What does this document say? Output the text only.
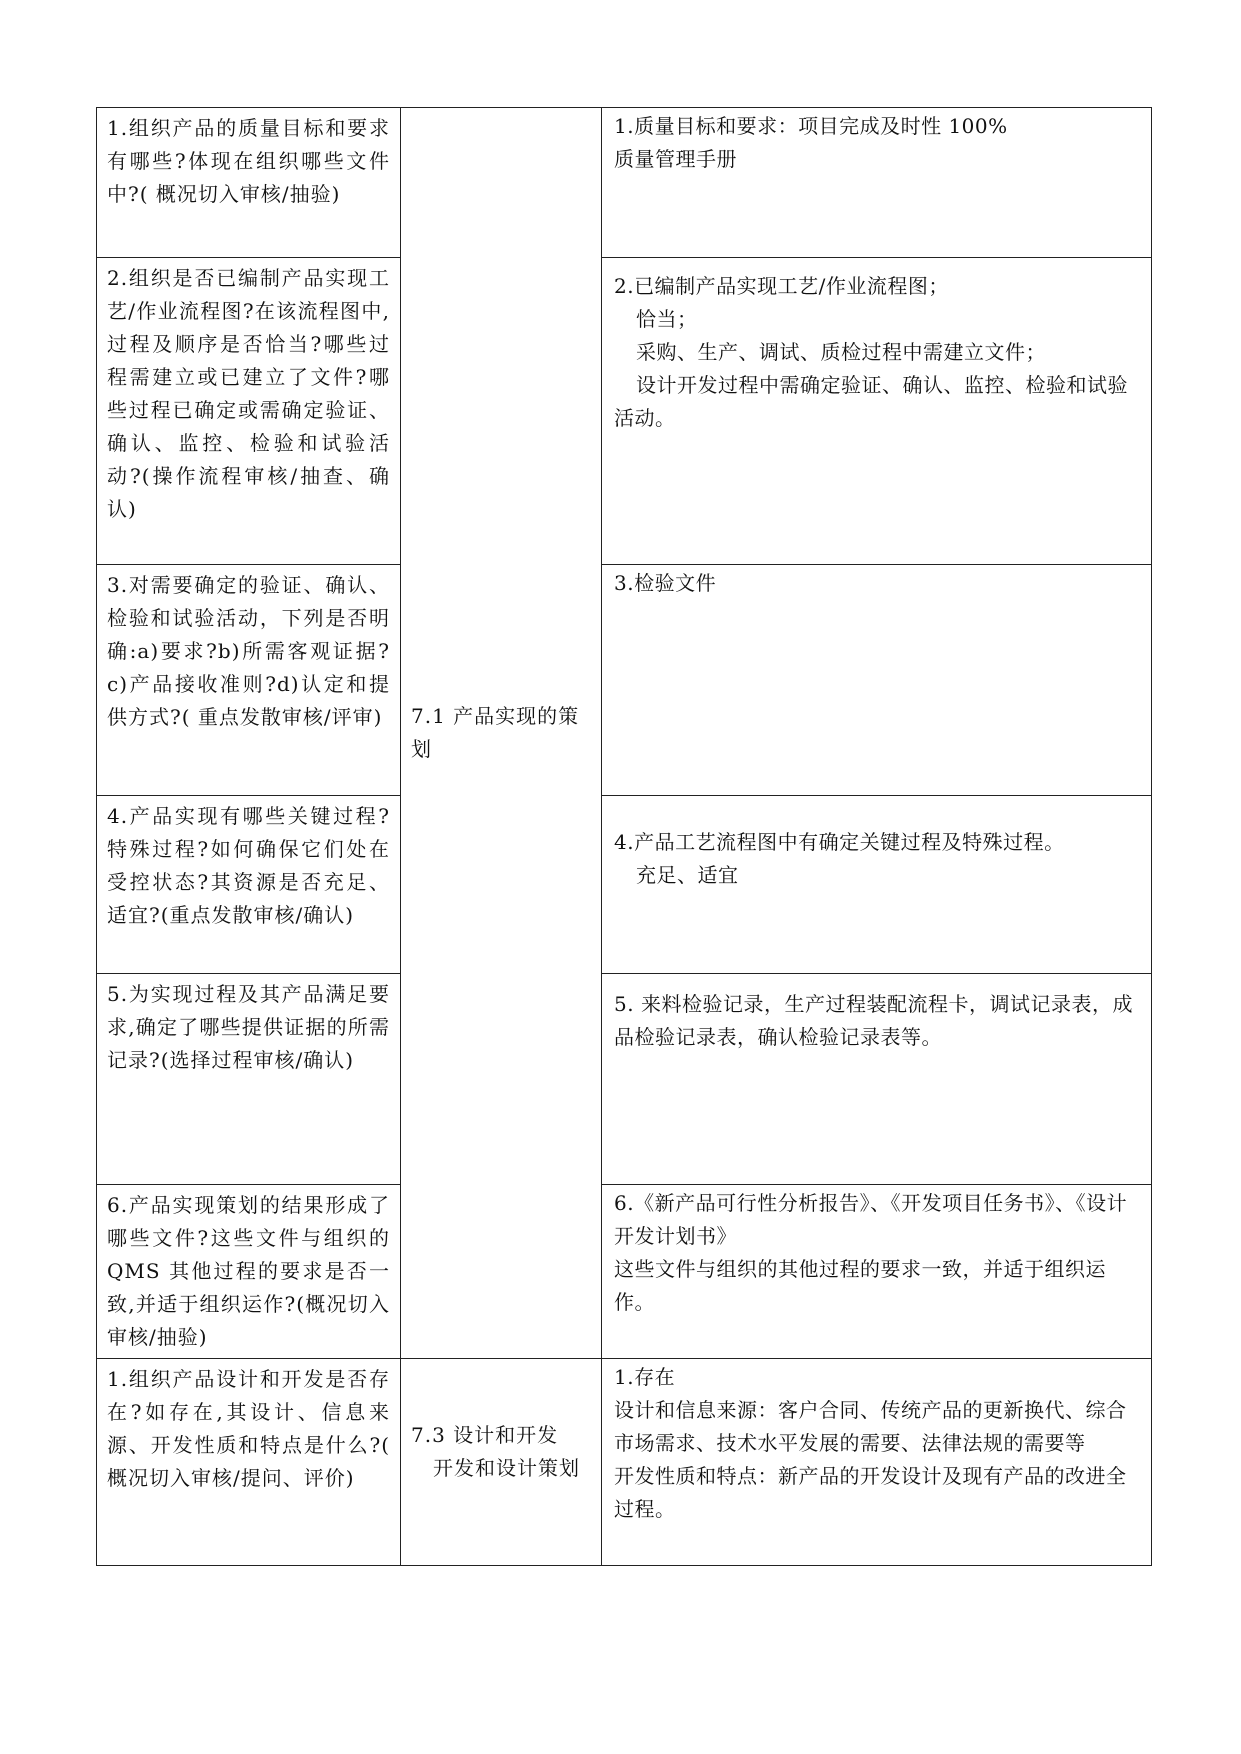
1.组织产品的质量目标和要求有哪些?体现在组织哪些文件中?( 概况切入审核/抽验)	7.1 产品实现的策划	1.质量目标和要求：项目完成及时性 100%
质量管理手册

2.组织是否已编制产品实现工艺/作业流程图?在该流程图中,过程及顺序是否恰当?哪些过程需建立或已建立了文件?哪些过程已确定或需确定验证、确认、监控、检验和试验活动?(操作流程审核/抽查、确认)		2.已编制产品实现工艺/作业流程图；
恰当；
采购、生产、调试、质检过程中需建立文件；
设计开发过程中需确定验证、确认、监控、检验和试验活动。

3.对需要确定的验证、确认、检验和试验活动，下列是否明确:a)要求?b)所需客观证据?c)产品接收准则?d)认定和提供方式?( 重点发散审核/评审)		3.检验文件

4.产品实现有哪些关键过程?特殊过程?如何确保它们处在受控状态?其资源是否充足、适宜?(重点发散审核/确认)		4.产品工艺流程图中有确定关键过程及特殊过程。
充足、适宜

5.为实现过程及其产品满足要求,确定了哪些提供证据的所需记录?(选择过程审核/确认)		5. 来料检验记录，生产过程装配流程卡，调试记录表，成品检验记录表，确认检验记录表等。

6.产品实现策划的结果形成了哪些文件?这些文件与组织的 QMS 其他过程的要求是否一致,并适于组织运作?(概况切入审核/抽验)		6.《新产品可行性分析报告》、《开发项目任务书》、《设计开发计划书》
这些文件与组织的其他过程的要求一致，并适于组织运作。

1.组织产品设计和开发是否存在?如存在,其设计、信息来源、开发性质和特点是什么?( 概况切入审核/提问、评价)	7.3 设计和开发
开发和设计策划	1.存在
设计和信息来源：客户合同、传统产品的更新换代、综合市场需求、技术水平发展的需要、法律法规的需要等
开发性质和特点：新产品的开发设计及现有产品的改进全过程。
